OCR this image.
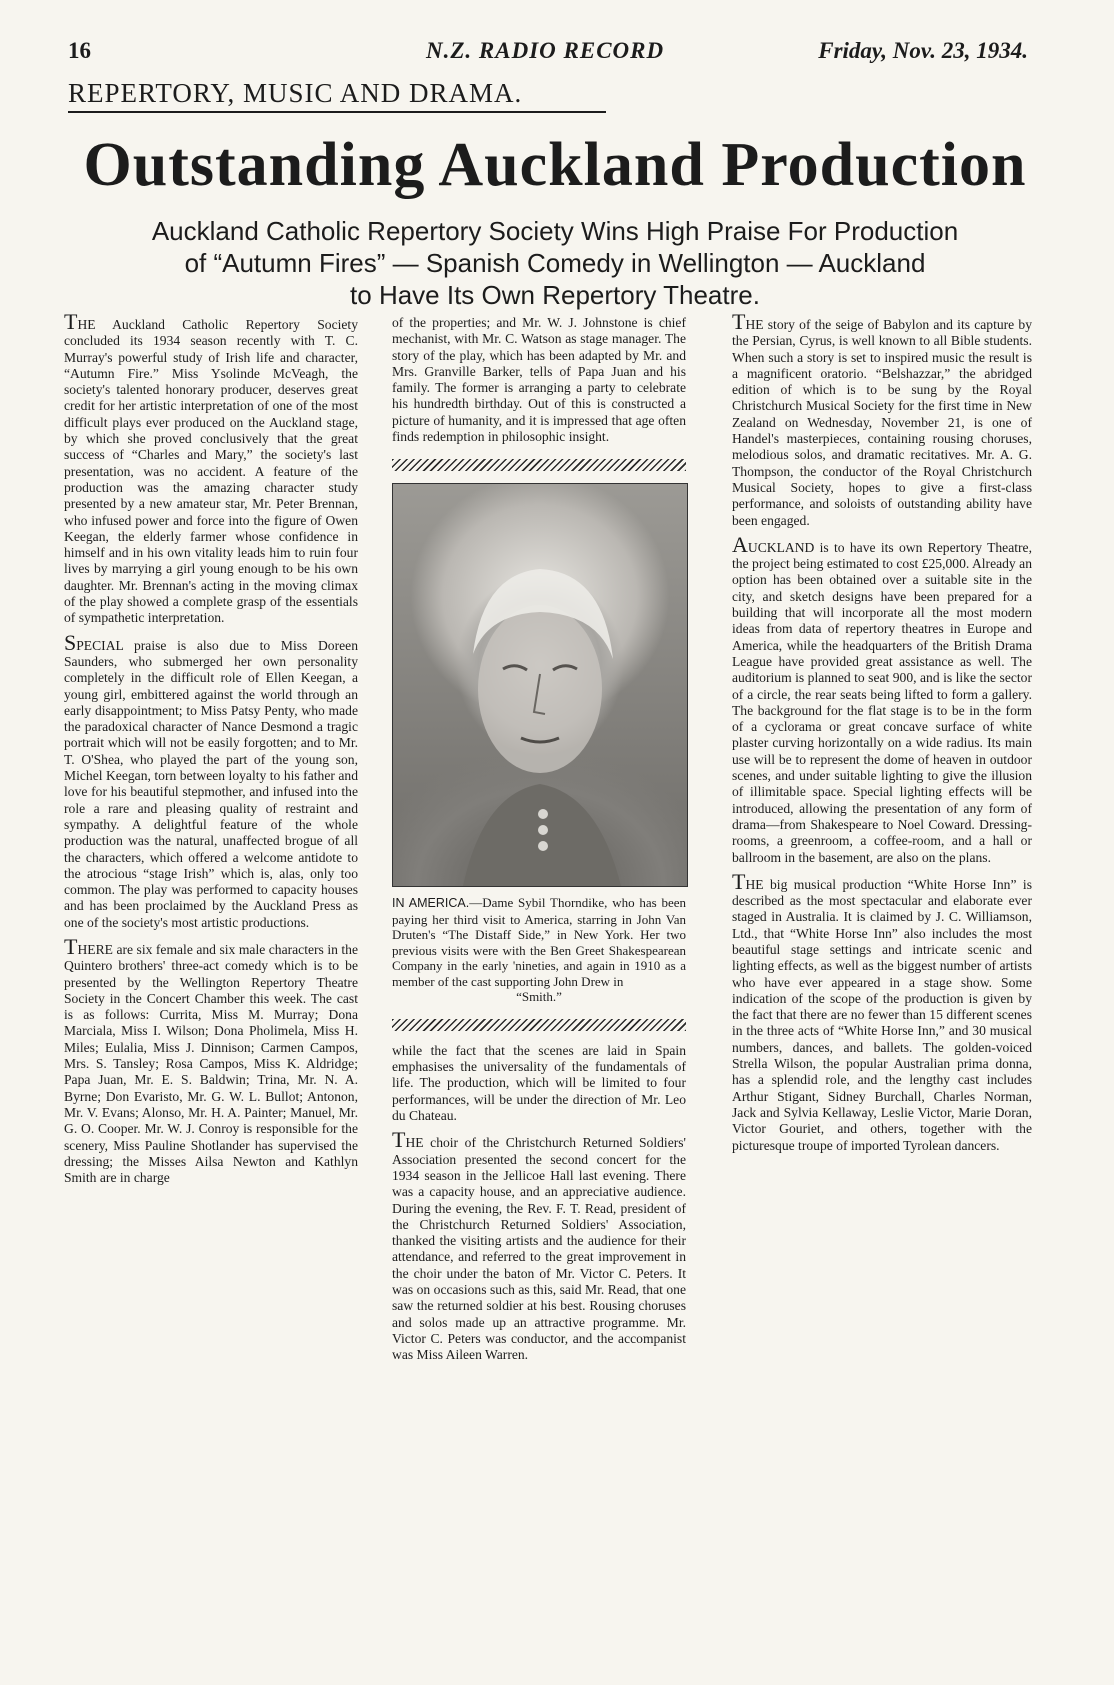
16	N.Z. RADIO RECORD	Friday, Nov. 23, 1934.
REPERTORY, MUSIC AND DRAMA.
Outstanding Auckland Production
Auckland Catholic Repertory Society Wins High Praise For Production
of “Autumn Fires” — Spanish Comedy in Wellington — Auckland
to Have Its Own Repertory Theatre.

THE Auckland Catholic Repertory Society concluded its 1934 season recently with T. C. Murray's powerful study of Irish life and character, “Autumn Fire.” Miss Ysolinde McVeagh, the society's talented honorary producer, deserves great credit for her artistic interpretation of one of the most difficult plays ever produced on the Auckland stage, by which she proved conclusively that the great success of “Charles and Mary,” the society's last presentation, was no accident. A feature of the production was the amazing character study presented by a new amateur star, Mr. Peter Brennan, who infused power and force into the figure of Owen Keegan, the elderly farmer whose confidence in himself and in his own vitality leads him to ruin four lives by marrying a girl young enough to be his own daughter. Mr. Brennan's acting in the moving climax of the play showed a complete grasp of the essentials of sympathetic interpretation.

SPECIAL praise is also due to Miss Doreen Saunders, who submerged her own personality completely in the difficult role of Ellen Keegan, a young girl, embittered against the world through an early disappointment; to Miss Patsy Penty, who made the paradoxical character of Nance Desmond a tragic portrait which will not be easily forgotten; and to Mr. T. O'Shea, who played the part of the young son, Michel Keegan, torn between loyalty to his father and love for his beautiful stepmother, and infused into the role a rare and pleasing quality of restraint and sympathy. A delightful feature of the whole production was the natural, unaffected brogue of all the characters, which offered a welcome antidote to the atrocious “stage Irish” which is, alas, only too common. The play was performed to capacity houses and has been proclaimed by the Auckland Press as one of the society's most artistic productions.

THERE are six female and six male characters in the Quintero brothers' three-act comedy which is to be presented by the Wellington Repertory Theatre Society in the Concert Chamber this week. The cast is as follows: Currita, Miss M. Murray; Dona Marciala, Miss I. Wilson; Dona Pholimela, Miss H. Miles; Eulalia, Miss J. Dinnison; Carmen Campos, Mrs. S. Tansley; Rosa Campos, Miss K. Aldridge; Papa Juan, Mr. E. S. Baldwin; Trina, Mr. N. A. Byrne; Don Evaristo, Mr. G. W. L. Bullot; Antonon, Mr. V. Evans; Alonso, Mr. H. A. Painter; Manuel, Mr. G. O. Cooper. Mr. W. J. Conroy is responsible for the scenery, Miss Pauline Shotlander has supervised the dressing; the Misses Ailsa Newton and Kathlyn Smith are in charge

of the properties; and Mr. W. J. Johnstone is chief mechanist, with Mr. C. Watson as stage manager. The story of the play, which has been adapted by Mr. and Mrs. Granville Barker, tells of Papa Juan and his family. The former is arranging a party to celebrate his hundredth birthday. Out of this is constructed a picture of humanity, and it is impressed that age often finds redemption in philosophic insight.

IN AMERICA.—Dame Sybil Thorndike, who has been paying her third visit to America, starring in John Van Druten's “The Distaff Side,” in New York. Her two previous visits were with the Ben Greet Shakespearean Company in the early 'nineties, and again in 1910 as a member of the cast supporting John Drew in
“Smith.”

while the fact that the scenes are laid in Spain emphasises the universality of the fundamentals of life. The production, which will be limited to four performances, will be under the direction of Mr. Leo du Chateau.

THE choir of the Christchurch Returned Soldiers' Association presented the second concert for the 1934 season in the Jellicoe Hall last evening. There was a capacity house, and an appreciative audience. During the evening, the Rev. F. T. Read, president of the Christchurch Returned Soldiers' Association, thanked the visiting artists and the audience for their attendance, and referred to the great improvement in the choir under the baton of Mr. Victor C. Peters. It was on occasions such as this, said Mr. Read, that one saw the returned soldier at his best. Rousing choruses and solos made up an attractive programme. Mr. Victor C. Peters was conductor, and the accompanist was Miss Aileen Warren.

THE story of the seige of Babylon and its capture by the Persian, Cyrus, is well known to all Bible students. When such a story is set to inspired music the result is a magnificent oratorio. “Belshazzar,” the abridged edition of which is to be sung by the Royal Christchurch Musical Society for the first time in New Zealand on Wednesday, November 21, is one of Handel's masterpieces, containing rousing choruses, melodious solos, and dramatic recitatives. Mr. A. G. Thompson, the conductor of the Royal Christchurch Musical Society, hopes to give a first-class performance, and soloists of outstanding ability have been engaged.

AUCKLAND is to have its own Repertory Theatre, the project being estimated to cost £25,000. Already an option has been obtained over a suitable site in the city, and sketch designs have been prepared for a building that will incorporate all the most modern ideas from data of repertory theatres in Europe and America, while the headquarters of the British Drama League have provided great assistance as well. The auditorium is planned to seat 900, and is like the sector of a circle, the rear seats being lifted to form a gallery. The background for the flat stage is to be in the form of a cyclorama or great concave surface of white plaster curving horizontally on a wide radius. Its main use will be to represent the dome of heaven in outdoor scenes, and under suitable lighting to give the illusion of illimitable space. Special lighting effects will be introduced, allowing the presentation of any form of drama—from Shakespeare to Noel Coward. Dressing-rooms, a greenroom, a coffee-room, and a hall or ballroom in the basement, are also on the plans.

THE big musical production “White Horse Inn” is described as the most spectacular and elaborate ever staged in Australia. It is claimed by J. C. Williamson, Ltd., that “White Horse Inn” also includes the most beautiful stage settings and intricate scenic and lighting effects, as well as the biggest number of artists who have ever appeared in a stage show. Some indication of the scope of the production is given by the fact that there are no fewer than 15 different scenes in the three acts of “White Horse Inn,” and 30 musical numbers, dances, and ballets. The golden-voiced Strella Wilson, the popular Australian prima donna, has a splendid role, and the lengthy cast includes Arthur Stigant, Sidney Burchall, Charles Norman, Jack and Sylvia Kellaway, Leslie Victor, Marie Doran, Victor Gouriet, and others, together with the picturesque troupe of imported Tyrolean dancers.
